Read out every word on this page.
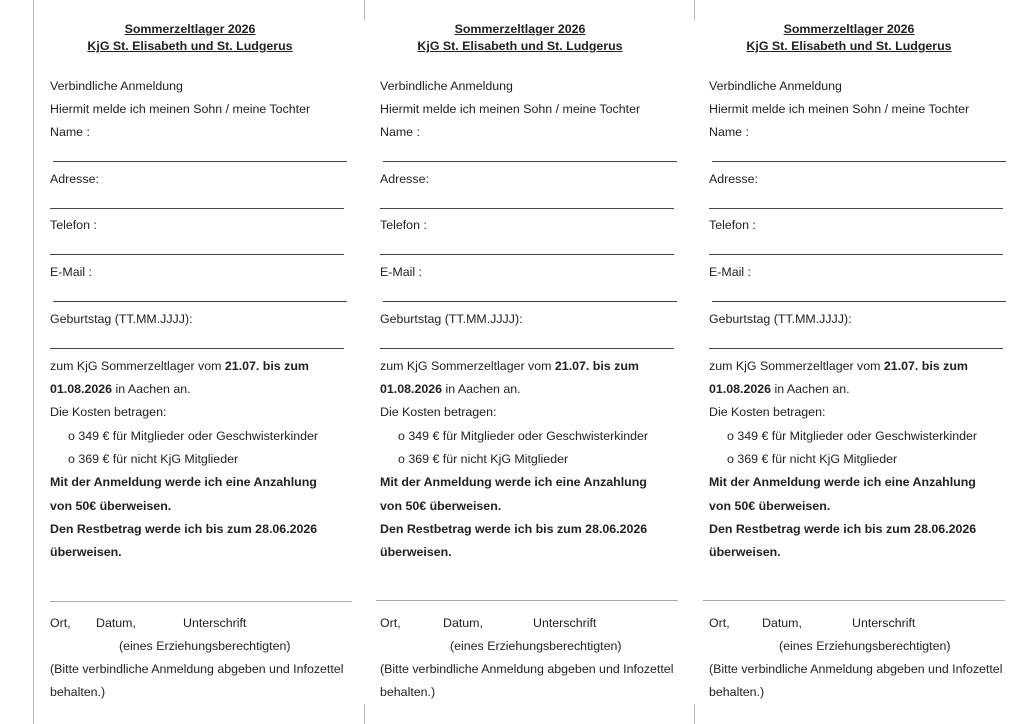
Sommerzeltlager 2026
KjG St. Elisabeth und St. Ludgerus
Verbindliche Anmeldung
Hiermit melde ich meinen Sohn / meine Tochter
Name :
Adresse:
Telefon :
E-Mail :
Geburtstag (TT.MM.JJJJ):
zum KjG Sommerzeltlager vom 21.07. bis zum
01.08.2026 in Aachen an.
Die Kosten betragen:
o 349 € für Mitglieder oder Geschwisterkinder
o 369 € für nicht KjG Mitglieder
Mit der Anmeldung werde ich eine Anzahlung
von 50€ überweisen.
Den Restbetrag werde ich bis zum 28.06.2026
überweisen.
Ort, Datum,	Unterschrift
(eines Erziehungsberechtigten)
(Bitte verbindliche Anmeldung abgeben und Infozettel
behalten.)
Sommerzeltlager 2026
KjG St. Elisabeth und St. Ludgerus
Verbindliche Anmeldung
Hiermit melde ich meinen Sohn / meine Tochter
Name :
Adresse:
Telefon :
E-Mail :
Geburtstag (TT.MM.JJJJ):
zum KjG Sommerzeltlager vom 21.07. bis zum
01.08.2026 in Aachen an.
Die Kosten betragen:
o 349 € für Mitglieder oder Geschwisterkinder
o 369 € für nicht KjG Mitglieder
Mit der Anmeldung werde ich eine Anzahlung
von 50€ überweisen.
Den Restbetrag werde ich bis zum 28.06.2026
überweisen.
Ort,	Datum,	Unterschrift
(eines Erziehungsberechtigten)
(Bitte verbindliche Anmeldung abgeben und Infozettel
behalten.)
Sommerzeltlager 2026
KjG St. Elisabeth und St. Ludgerus
Verbindliche Anmeldung
Hiermit melde ich meinen Sohn / meine Tochter
Name :
Adresse:
Telefon :
E-Mail :
Geburtstag (TT.MM.JJJJ):
zum KjG Sommerzeltlager vom 21.07. bis zum
01.08.2026 in Aachen an.
Die Kosten betragen:
o 349 € für Mitglieder oder Geschwisterkinder
o 369 € für nicht KjG Mitglieder
Mit der Anmeldung werde ich eine Anzahlung
von 50€ überweisen.
Den Restbetrag werde ich bis zum 28.06.2026
überweisen.
Ort,	Datum,	Unterschrift
(eines Erziehungsberechtigten)
(Bitte verbindliche Anmeldung abgeben und Infozettel
behalten.)
